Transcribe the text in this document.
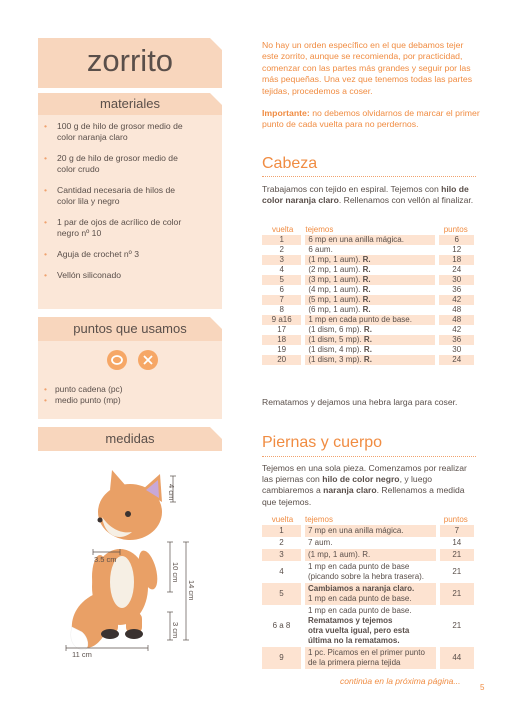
zorrito
materiales
• 100 g de hilo de grosor medio de color naranja claro
• 20 g de hilo de grosor medio de color crudo
• Cantidad necesaria de hilos de color lila y negro
• 1 par de ojos de acrílico de color negro nº 10
• Aguja de crochet nº 3
• Vellón siliconado
puntos que usamos
• punto cadena (pc)
• medio punto (mp)
medidas
4 cm
3.5 cm
10 cm
14 cm
3 cm
11 cm

No hay un orden específico en el que debamos tejer este zorrito, aunque se recomienda, por practicidad, comenzar con las partes más grandes y seguir por las más pequeñas. Una vez que tenemos todas las partes tejidas, procedemos a coser.

Importante: no debemos olvidarnos de marcar el primer punto de cada vuelta para no perdernos.

Cabeza

Trabajamos con tejido en espiral. Tejemos con hilo de color naranja claro. Rellenamos con vellón al finalizar.

vuelta	tejemos	puntos
1	6 mp en una anilla mágica.	6
2	6 aum.	12
3	(1 mp, 1 aum). R.	18
4	(2 mp, 1 aum). R.	24
5	(3 mp, 1 aum). R.	30
6	(4 mp, 1 aum). R.	36
7	(5 mp, 1 aum). R.	42
8	(6 mp, 1 aum). R.	48
9 a16	1 mp en cada punto de base.	48
17	(1 dism, 6 mp). R.	42
18	(1 dism, 5 mp). R.	36
19	(1 dism, 4 mp). R.	30
20	(1 dism, 3 mp). R.	24

Rematamos y dejamos una hebra larga para coser.

Piernas y cuerpo

Tejemos en una sola pieza. Comenzamos por realizar las piernas con hilo de color negro, y luego cambiaremos a naranja claro. Rellenamos a medida que tejemos.

vuelta	tejemos	puntos
1	7 mp en una anilla mágica.	7
2	7 aum.	14
3	(1 mp, 1 aum). R.	21
4	1 mp en cada punto de base
(picando sobre la hebra trasera).	21
5	Cambiamos a naranja claro.
1 mp en cada punto de base.	21
6 a 8	1 mp en cada punto de base.
Rematamos y tejemos
otra vuelta igual, pero esta última no la rematamos.	21
9	1 pc. Picamos en el primer punto
de la primera pierna tejida	44
continúa en la próxima página...
5
